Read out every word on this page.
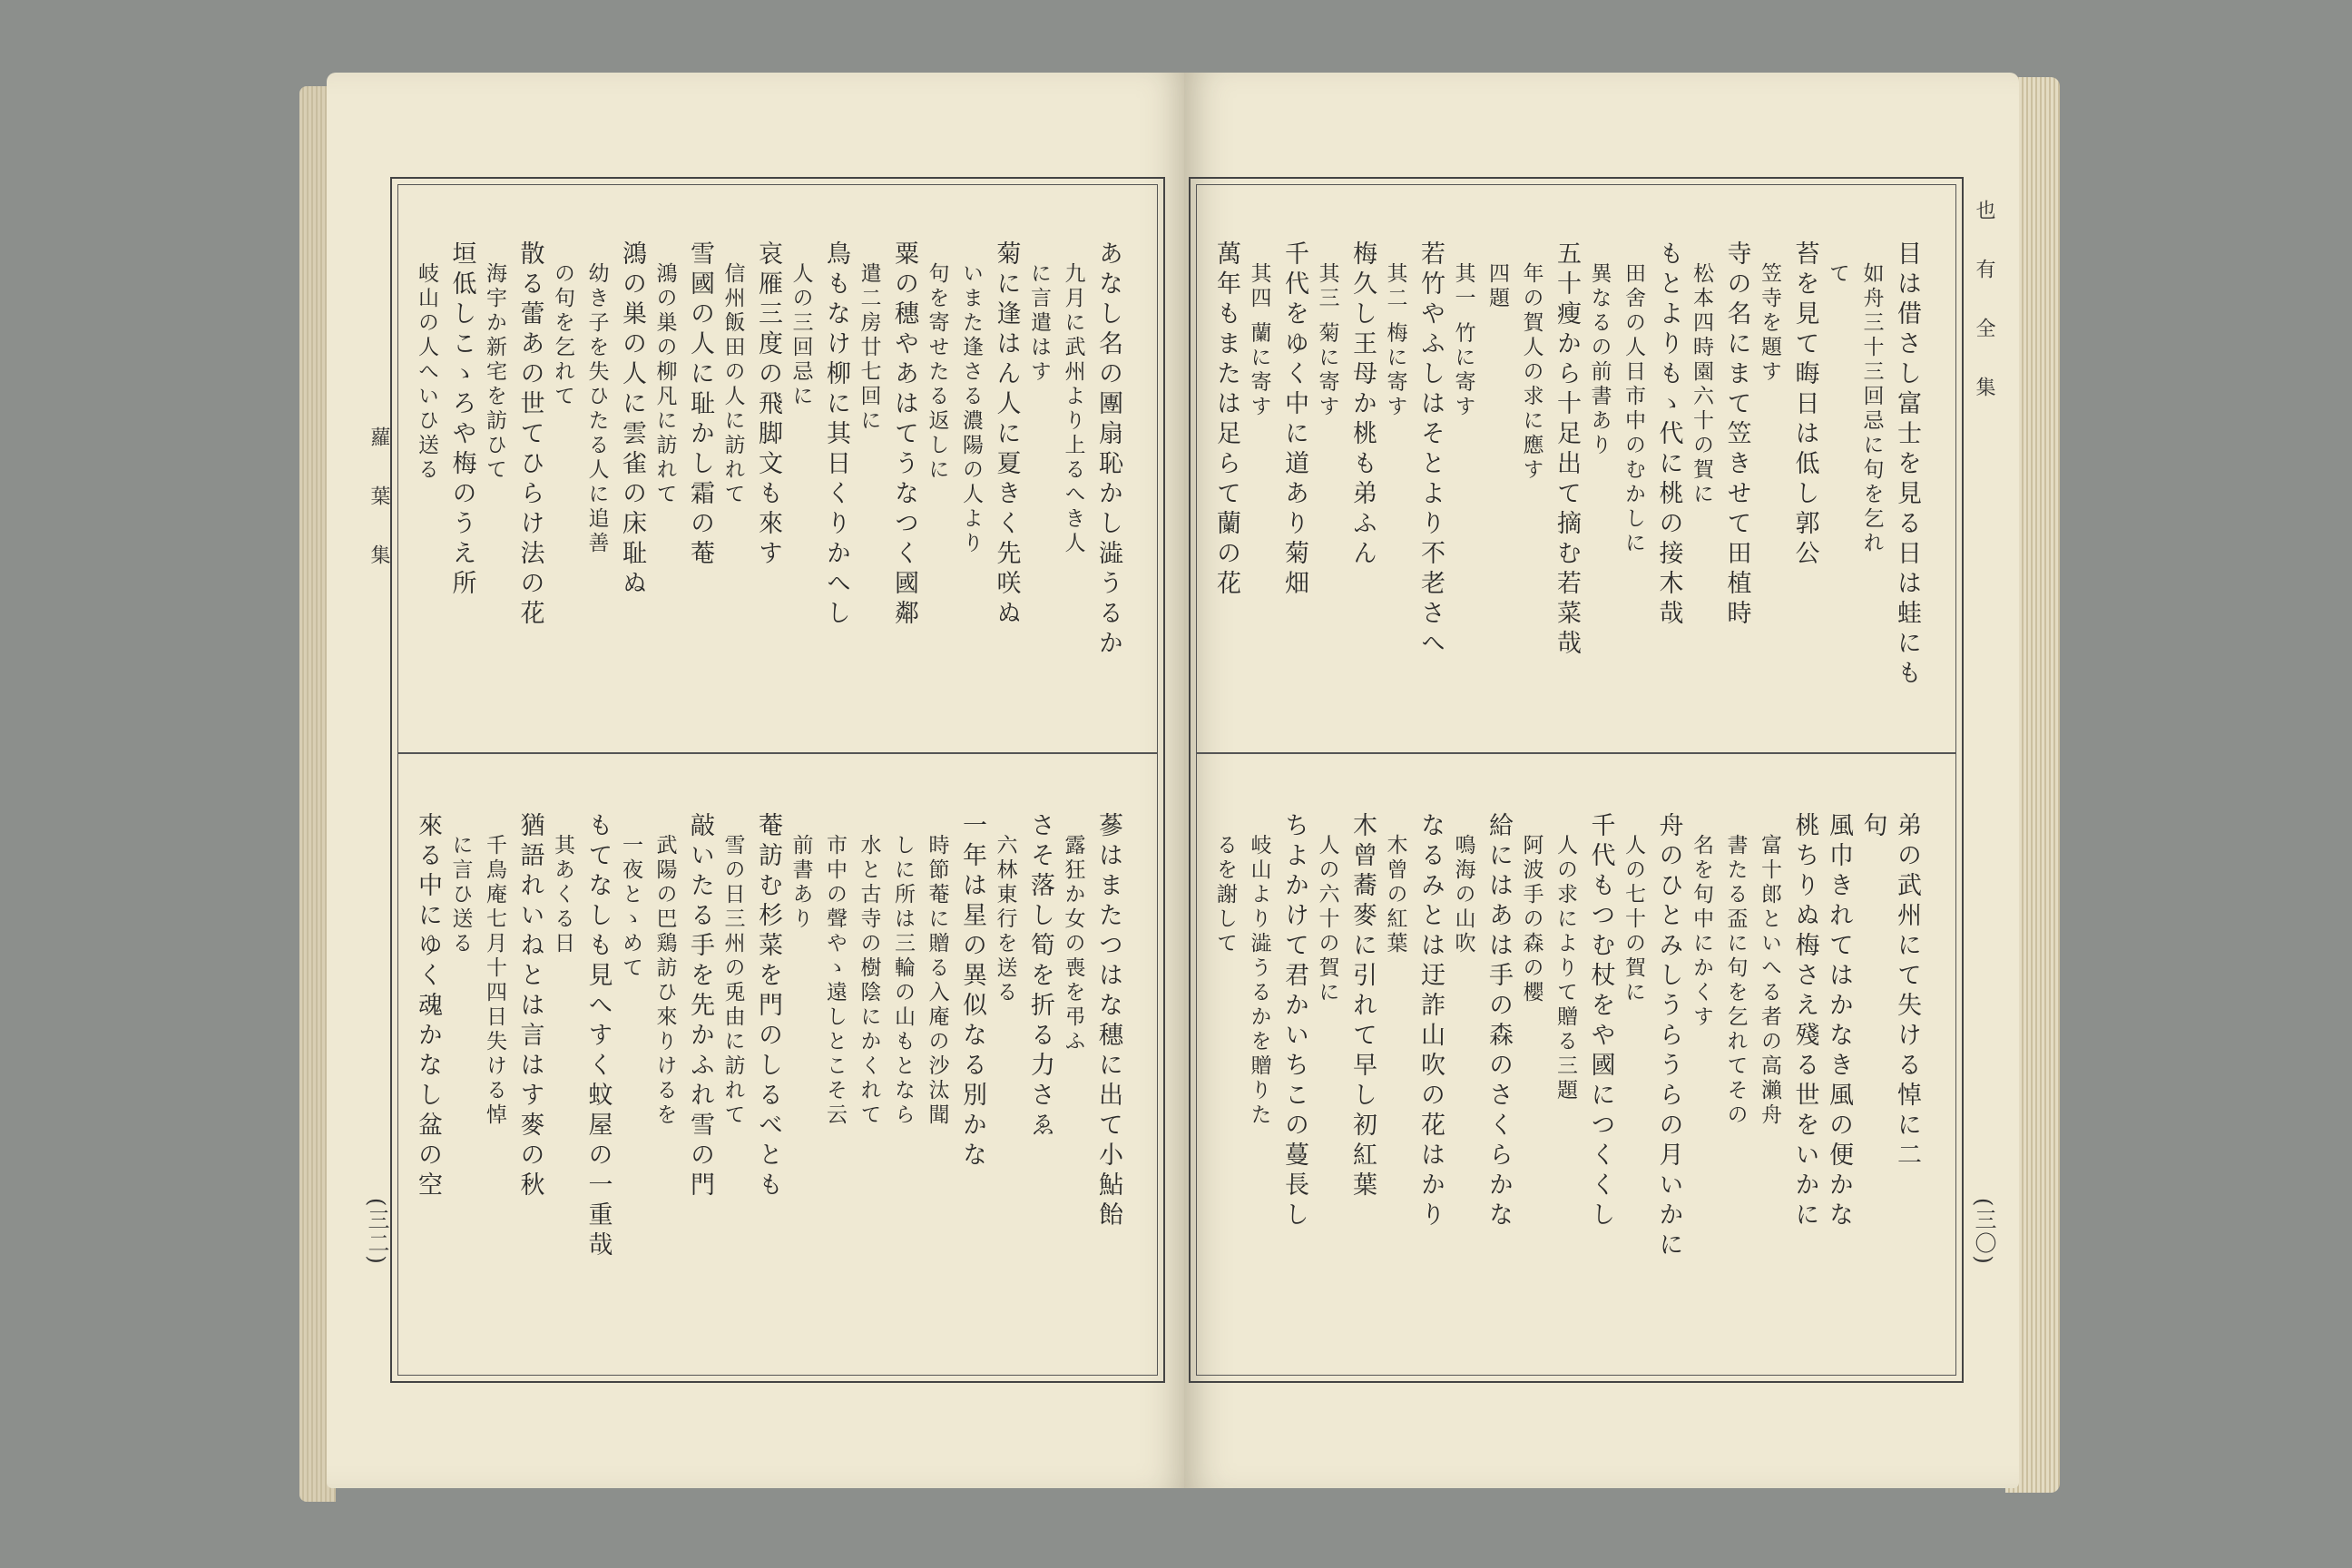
あなし名の團扇恥かし澁うるか
九月に武州より上るへき人
に言遣はす
菊に逢はん人に夏きく先咲ぬ
いまた逢さる濃陽の人より
句を寄せたる返しに
粟の穗やあはてうなつく國鄰
遣二房廿七回に
鳥もなけ柳に其日くりかへし
人の三回忌に
哀雁三度の飛脚文も來す
信州飯田の人に訪れて
雪國の人に耻かし霜の菴
鴻の巣の柳凡に訪れて
鴻の巣の人に雲雀の床耻ぬ
幼き子を失ひたる人に追善
の句を乞れて
散る蕾あの世てひらけ法の花
海宇か新宅を訪ひて
垣低しこゝろや梅のうえ所
岐山の人へいひ送る
蔘はまたつはな穗に出て小鮎飴
露狂か女の喪を弔ふ
さそ落し筍を折る力さゑ
六林東行を送る
一年は星の異似なる別かな
時節菴に贈る入庵の沙汰聞
しに所は三輪の山もとなら
水と古寺の樹陰にかくれて
市中の聲やゝ遠しとこそ云
前書あり
菴訪む杉菜を門のしるべとも
雪の日三州の兎由に訪れて
敲いたる手を先かふれ雪の門
武陽の巴鶏訪ひ來りけるを
一夜とゝめて
もてなしも見へすく蚊屋の一重哉
其あくる日
猶語れいねとは言はす麥の秋
千鳥庵七月十四日失ける悼
に言ひ送る
來る中にゆく魂かなし盆の空
蘿 葉 集
(三二)
目は借さし富士を見る日は蛙にも
如舟三十三回忌に句を乞れ
て
苔を見て晦日は低し郭公
笠寺を題す
寺の名にまて笠きせて田植時
松本四時園六十の賀に
もとよりもゝ代に桃の接木哉
田舍の人日市中のむかしに
異なるの前書あり
五十瘦から十足出て摘む若菜哉
年の賀人の求に應す
四題
其一 竹に寄す
若竹やふしはそとより不老さへ
其二 梅に寄す
梅久し王母か桃も弟ふん
其三 菊に寄す
千代をゆく中に道あり菊畑
其四 蘭に寄す
萬年もまたは足らて蘭の花
弟の武州にて失ける悼に二
句
風巾きれてはかなき風の便かな
桃ちりぬ梅さえ殘る世をいかに
富十郎といへる者の高瀨舟
書たる盃に句を乞れてその
名を句中にかくす
舟のひとみしうらうらの月いかに
人の七十の賀に
千代もつむ杖をや國につくくし
人の求によりて贈る三題
阿波手の森の櫻
給にはあは手の森のさくらかな
鳴海の山吹
なるみとは迂詐山吹の花はかり
木曾の紅葉
木曾蕎麥に引れて早し初紅葉
人の六十の賀に
ちよかけて君かいちこの蔓長し
岐山より澁うるかを贈りた
るを謝して
也 有 全 集
(三〇)
